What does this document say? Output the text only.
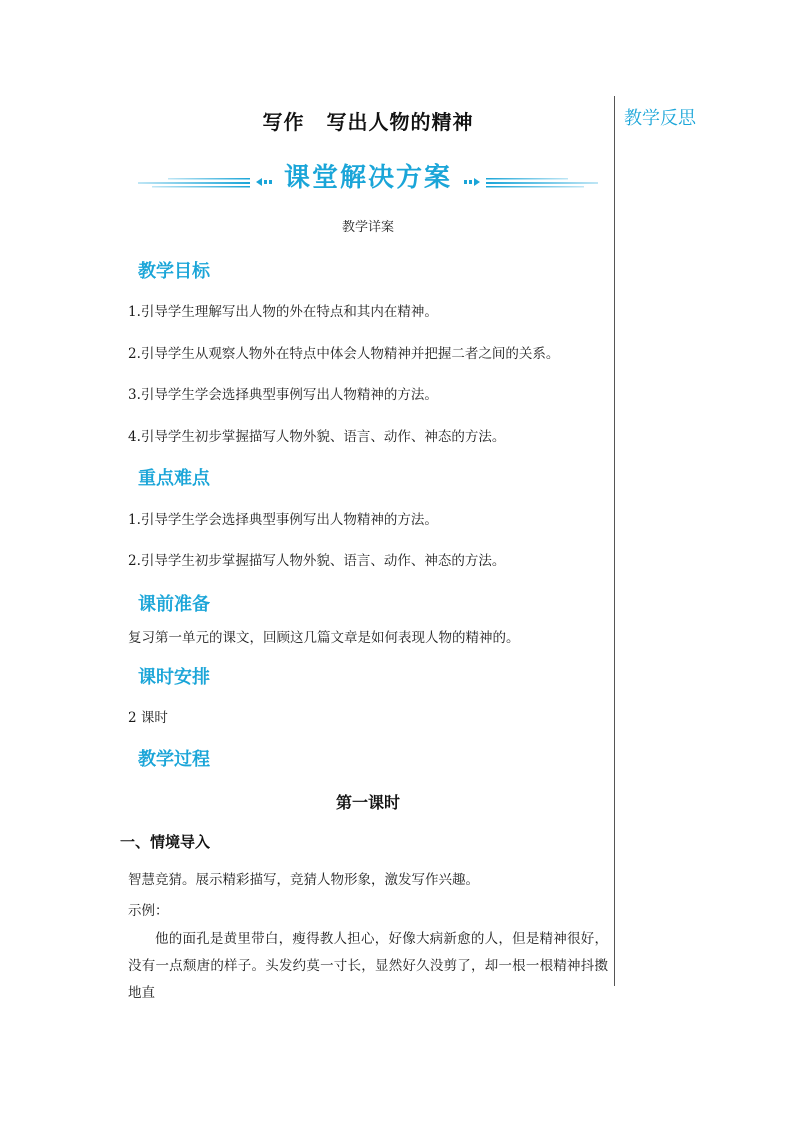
教学反思
写作 写出人物的精神
课堂解决方案
教学详案
教学目标
1.引导学生理解写出人物的外在特点和其内在精神。
2.引导学生从观察人物外在特点中体会人物精神并把握二者之间的关系。
3.引导学生学会选择典型事例写出人物精神的方法。
4.引导学生初步掌握描写人物外貌、语言、动作、神态的方法。
重点难点
1.引导学生学会选择典型事例写出人物精神的方法。
2.引导学生初步掌握描写人物外貌、语言、动作、神态的方法。
课前准备
复习第一单元的课文，回顾这几篇文章是如何表现人物的精神的。
课时安排
2 课时
教学过程
第一课时
一、情境导入
智慧竞猜。展示精彩描写，竞猜人物形象，激发写作兴趣。
示例：
他的面孔是黄里带白，瘦得教人担心，好像大病新愈的人，但是精神很好，没有一点颓唐的样子。头发约莫一寸长，显然好久没剪了，却一根一根精神抖擞地直
